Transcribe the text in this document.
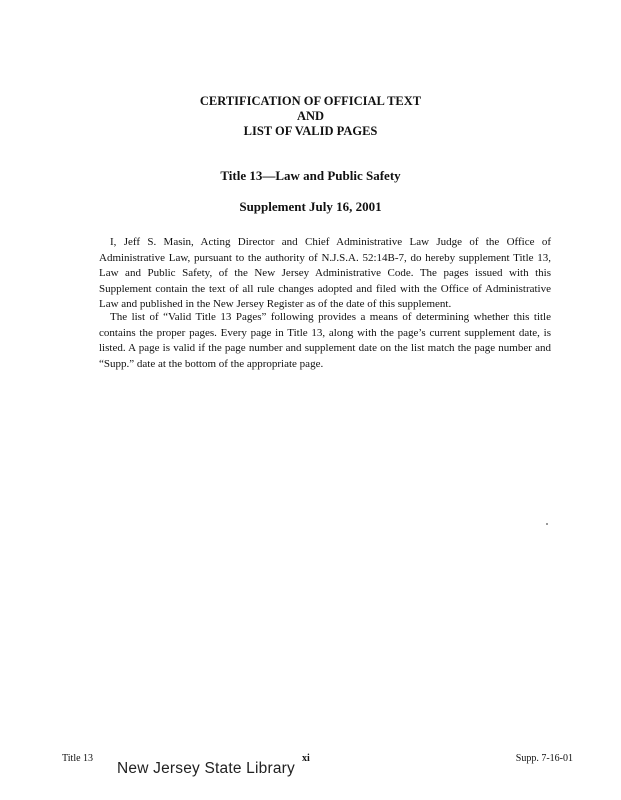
CERTIFICATION OF OFFICIAL TEXT
AND
LIST OF VALID PAGES
Title 13—Law and Public Safety
Supplement July 16, 2001

I, Jeff S. Masin, Acting Director and Chief Administrative Law Judge of the Office of Administrative Law, pursuant to the authority of N.J.S.A. 52:14B-7, do hereby supplement Title 13, Law and Public Safety, of the New Jersey Administrative Code. The pages issued with this Supplement contain the text of all rule changes adopted and filed with the Office of Administrative Law and published in the New Jersey Register as of the date of this supplement.

The list of “Valid Title 13 Pages” following provides a means of determining whether this title contains the proper pages. Every page in Title 13, along with the page’s current supplement date, is listed. A page is valid if the page number and supplement date on the list match the page number and “Supp.” date at the bottom of the appropriate page.

Title 13	xi	Supp. 7-16-01
New Jersey State Library
